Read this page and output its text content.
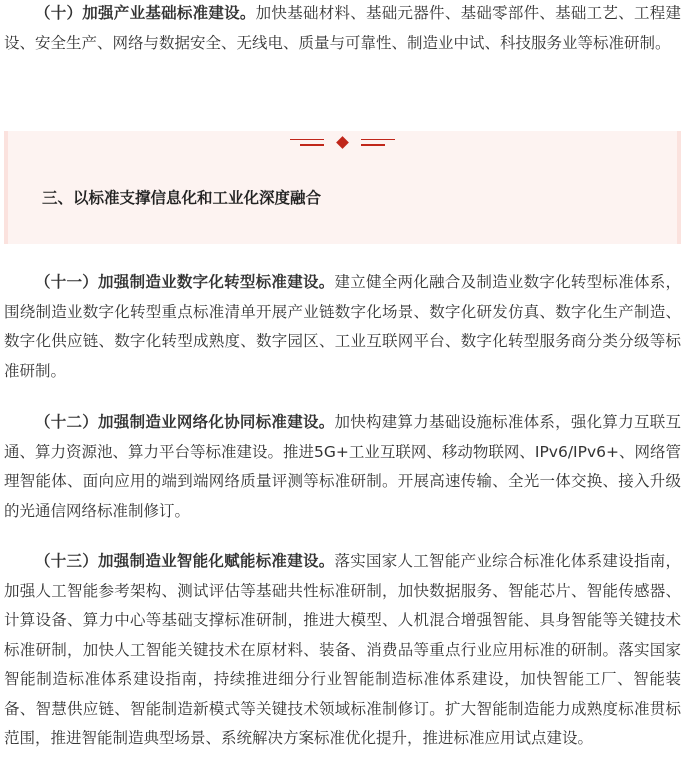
（十）加强产业基础标准建设。加快基础材料、基础元器件、基础零部件、基础工艺、工程建设、安全生产、网络与数据安全、无线电、质量与可靠性、制造业中试、科技服务业等标准研制。

三、以标准支撑信息化和工业化深度融合

（十一）加强制造业数字化转型标准建设。建立健全两化融合及制造业数字化转型标准体系，围绕制造业数字化转型重点标准清单开展产业链数字化场景、数字化研发仿真、数字化生产制造、数字化供应链、数字化转型成熟度、数字园区、工业互联网平台、数字化转型服务商分类分级等标准研制。

（十二）加强制造业网络化协同标准建设。加快构建算力基础设施标准体系，强化算力互联互通、算力资源池、算力平台等标准建设。推进5G+工业互联网、移动物联网、IPv6/IPv6+、网络管理智能体、面向应用的端到端网络质量评测等标准研制。开展高速传输、全光一体交换、接入升级的光通信网络标准制修订。

（十三）加强制造业智能化赋能标准建设。落实国家人工智能产业综合标准化体系建设指南，加强人工智能参考架构、测试评估等基础共性标准研制，加快数据服务、智能芯片、智能传感器、计算设备、算力中心等基础支撑标准研制，推进大模型、人机混合增强智能、具身智能等关键技术标准研制，加快人工智能关键技术在原材料、装备、消费品等重点行业应用标准的研制。落实国家智能制造标准体系建设指南，持续推进细分行业智能制造标准体系建设，加快智能工厂、智能装备、智慧供应链、智能制造新模式等关键技术领域标准制修订。扩大智能制造能力成熟度标准贯标范围，推进智能制造典型场景、系统解决方案标准优化提升，推进标准应用试点建设。
